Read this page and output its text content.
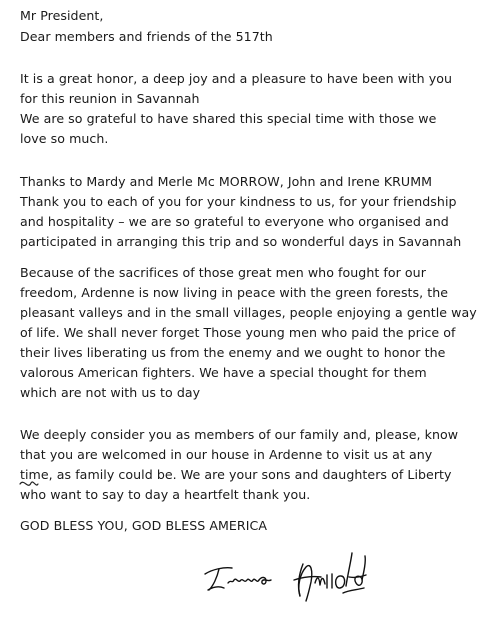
Mr President,
Dear members and friends of the 517th
It is a great honor, a deep joy and a pleasure to have been with you
for this reunion in Savannah
We are so grateful to have shared this special time with those we
love so much.
Thanks to Mardy and Merle Mc MORROW, John and Irene KRUMM
Thank you to each of you for your kindness to us, for your friendship
and hospitality – we are so grateful to everyone who organised and
participated in arranging this trip and so wonderful days in Savannah
Because of the sacrifices of those great men who fought for our
freedom, Ardenne is now living in peace with the green forests, the
pleasant valleys and in the small villages, people enjoying a gentle way
of life. We shall never forget Those young men who paid the price of
their lives liberating us from the enemy and we ought to honor the
valorous American fighters. We have a special thought for them
which are not with us to day
We deeply consider you as members of our family and, please, know
that you are welcomed in our house in Ardenne to visit us at any
time, as family could be. We are your sons and daughters of Liberty
who want to say to day a heartfelt thank you.
GOD BLESS YOU, GOD BLESS AMERICA
